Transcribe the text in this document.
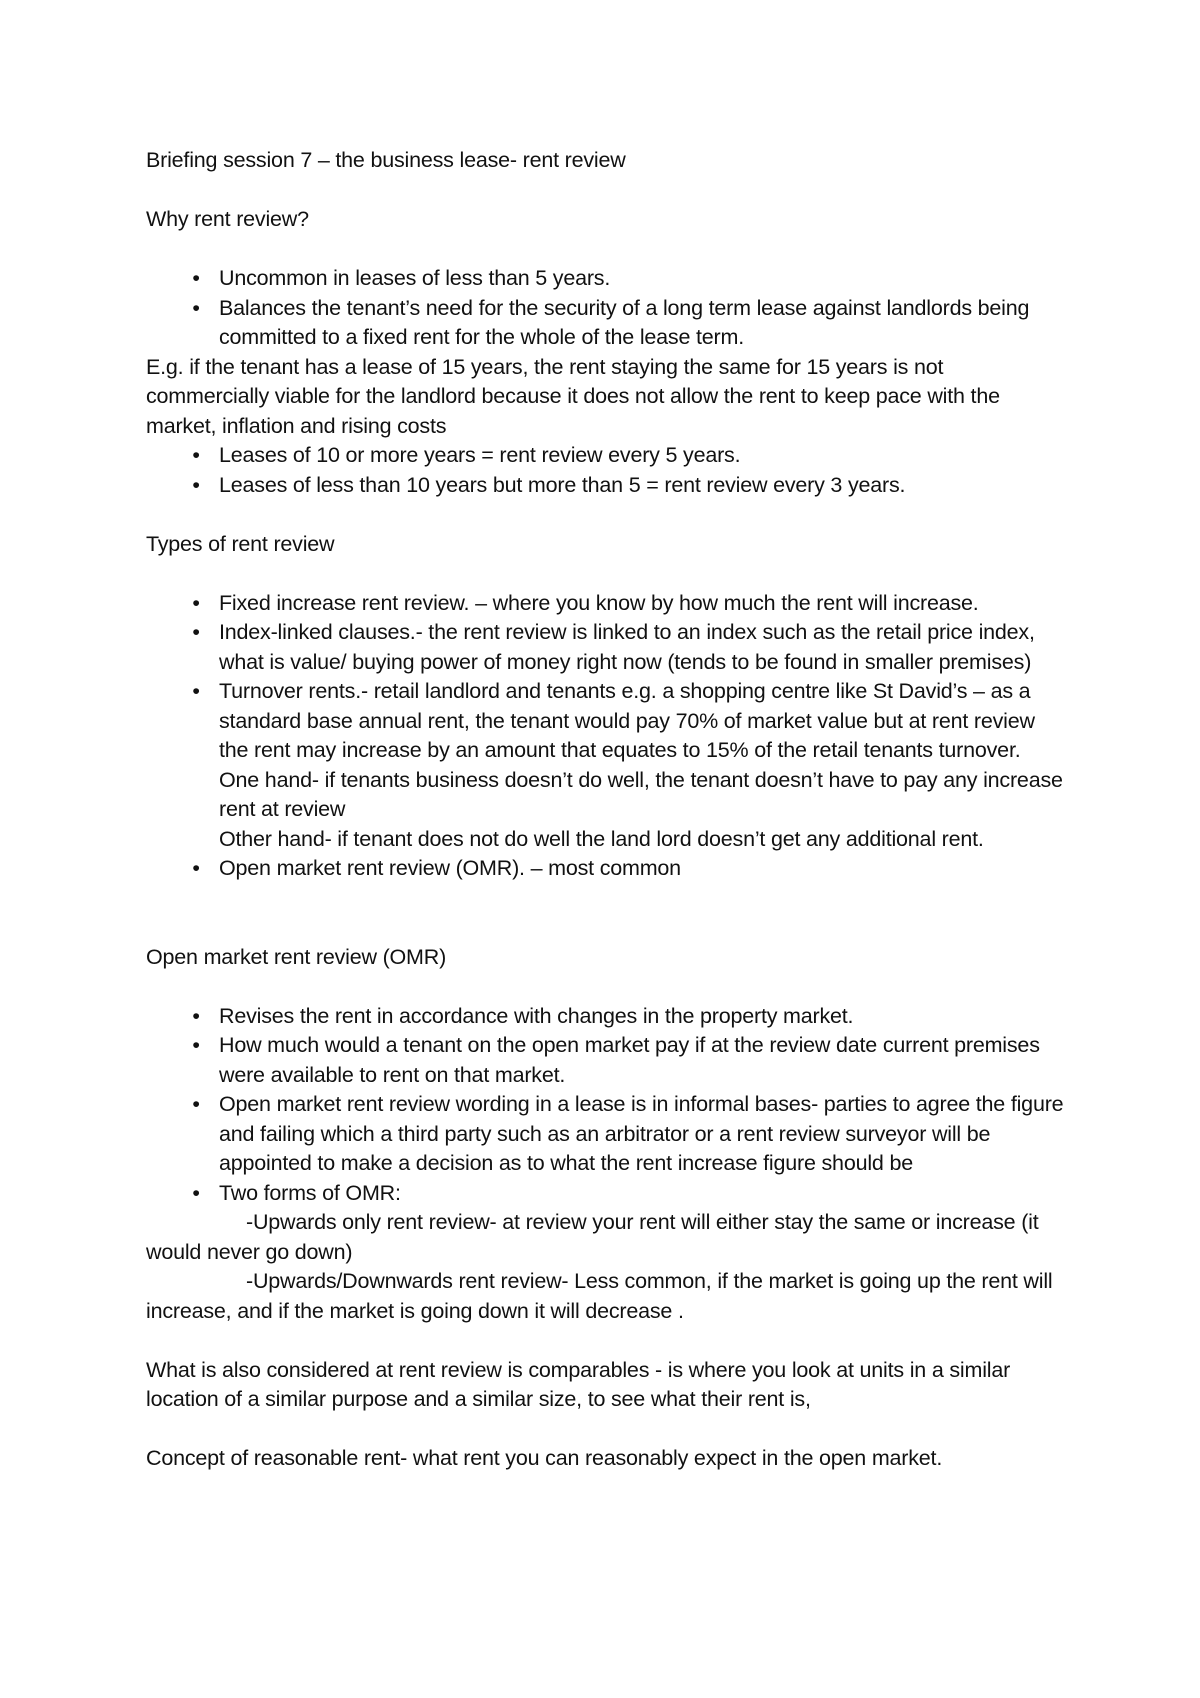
Briefing session 7 – the business lease- rent review

Why rent review?

• Uncommon in leases of less than 5 years.
• Balances the tenant’s need for the security of a long term lease against landlords being committed to a fixed rent for the whole of the lease term.

E.g. if the tenant has a lease of 15 years, the rent staying the same for 15 years is not commercially viable for the landlord because it does not allow the rent to keep pace with the market, inflation and rising costs

• Leases of 10 or more years = rent review every 5 years.
• Leases of less than 10 years but more than 5 = rent review every 3 years.

Types of rent review

• Fixed increase rent review. – where you know by how much the rent will increase.
• Index-linked clauses.- the rent review is linked to an index such as the retail price index, what is value/ buying power of money right now (tends to be found in smaller premises)
• Turnover rents.- retail landlord and tenants e.g. a shopping centre like St David’s – as a standard base annual rent, the tenant would pay 70% of market value but at rent review the rent may increase by an amount that equates to 15% of the retail tenants turnover.
One hand- if tenants business doesn’t do well, the tenant doesn’t have to pay any increase rent at review
Other hand- if tenant does not do well the land lord doesn’t get any additional rent.
• Open market rent review (OMR). – most common

Open market rent review (OMR)

• Revises the rent in accordance with changes in the property market.
• How much would a tenant on the open market pay if at the review date current premises were available to rent on that market.
• Open market rent review wording in a lease is in informal bases- parties to agree the figure and failing which a third party such as an arbitrator or a rent review surveyor will be appointed to make a decision as to what the rent increase figure should be
• Two forms of OMR:

-Upwards only rent review- at review your rent will either stay the same or increase (it would never go down)

-Upwards/Downwards rent review- Less common, if the market is going up the rent will increase, and if the market is going down it will decrease .

What is also considered at rent review is comparables - is where you look at units in a similar location of a similar purpose and a similar size, to see what their rent is,

Concept of reasonable rent- what rent you can reasonably expect in the open market.
